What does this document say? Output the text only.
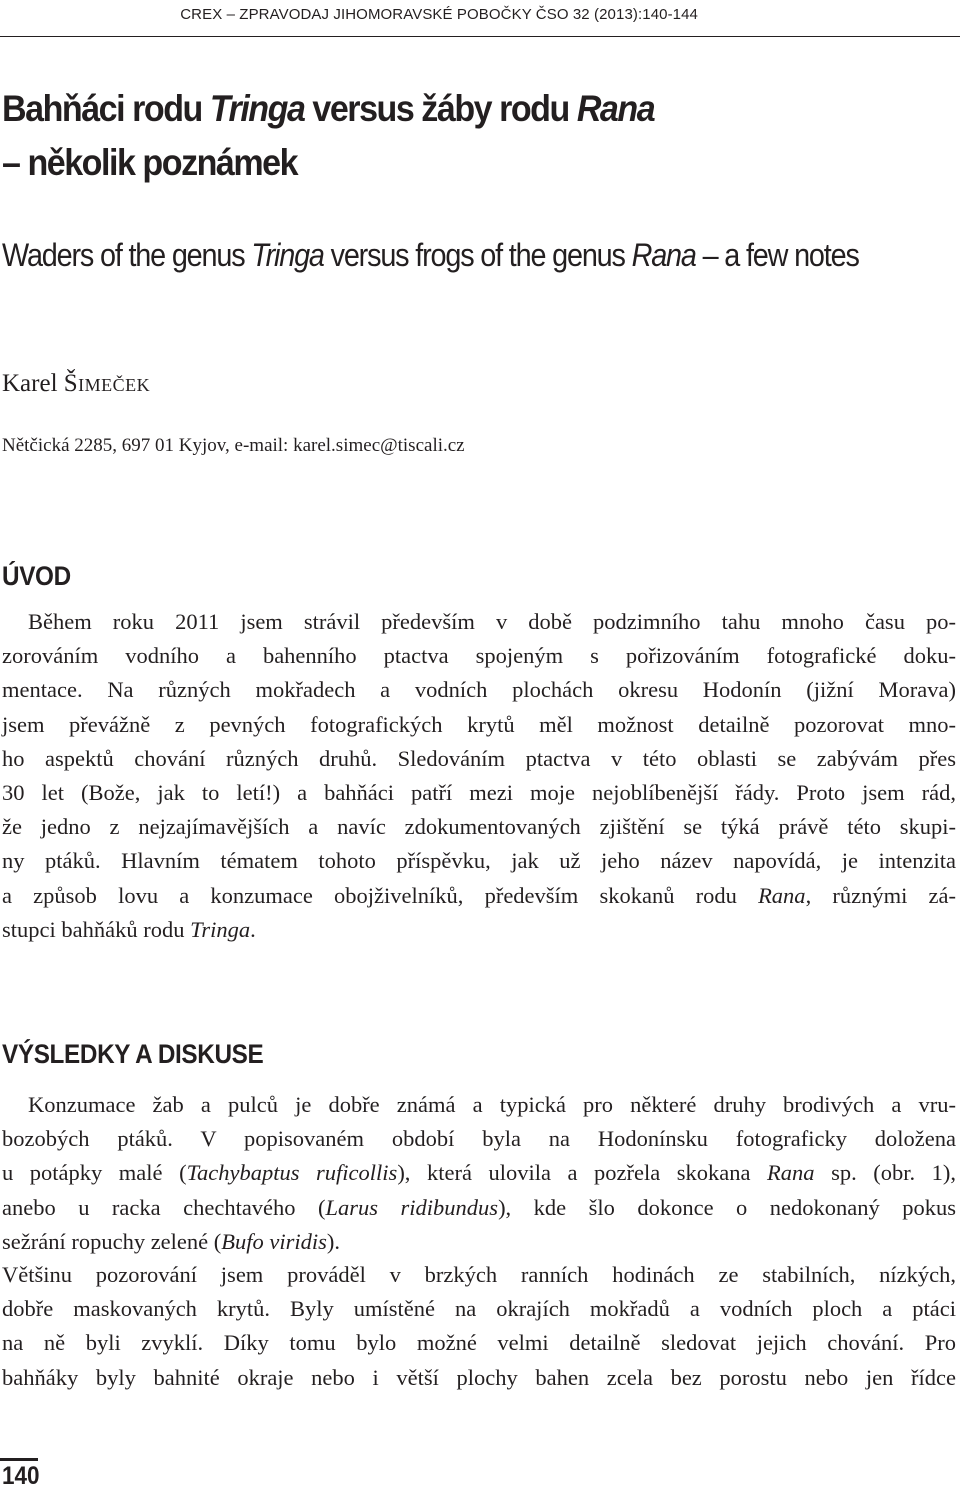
CREX – ZPRAVODAJ JIHOMORAVSKÉ POBOČKY ČSO 32 (2013):140-144
Bahňáci rodu Tringa versus žáby rodu Rana
– několik poznámek
Waders of the genus Tringa versus frogs of the genus Rana – a few notes
Karel Šimeček
Nětčická 2285, 697 01 Kyjov, e-mail: karel.simec@tiscali.cz
ÚVOD

Během roku 2011 jsem strávil především v době podzimního tahu mnoho času po-
zorováním vodního a bahenního ptactva spojeným s pořizováním fotografické doku-
mentace. Na různých mokřadech a vodních plochách okresu Hodonín (jižní Morava)
jsem převážně z pevných fotografických krytů měl možnost detailně pozorovat mno-
ho aspektů chování různých druhů. Sledováním ptactva v této oblasti se zabývám přes
30 let (Bože, jak to letí!) a bahňáci patří mezi moje nejoblíbenější řády. Proto jsem rád,
že jedno z nejzajímavějších a navíc zdokumentovaných zjištění se týká právě této skupi-
ny ptáků. Hlavním tématem tohoto příspěvku, jak už jeho název napovídá, je intenzita
a způsob lovu a konzumace obojživelníků, především skokanů rodu Rana, různými zá-
stupci bahňáků rodu Tringa.

VÝSLEDKY A DISKUSE

Konzumace žab a pulců je dobře známá a typická pro některé druhy brodivých a vru-
bozobých ptáků. V popisovaném období byla na Hodonínsku fotograficky doložena
u potápky malé (Tachybaptus ruficollis), která ulovila a pozřela skokana Rana sp. (obr. 1),
anebo u racka chechtavého (Larus ridibundus), kde šlo dokonce o nedokonaný pokus
sežrání ropuchy zelené (Bufo viridis).

Většinu pozorování jsem prováděl v brzkých ranních hodinách ze stabilních, nízkých,
dobře maskovaných krytů. Byly umístěné na okrajích mokřadů a vodních ploch a ptáci
na ně byli zvyklí. Díky tomu bylo možné velmi detailně sledovat jejich chování. Pro
bahňáky byly bahnité okraje nebo i větší plochy bahen zcela bez porostu nebo jen řídce

140
